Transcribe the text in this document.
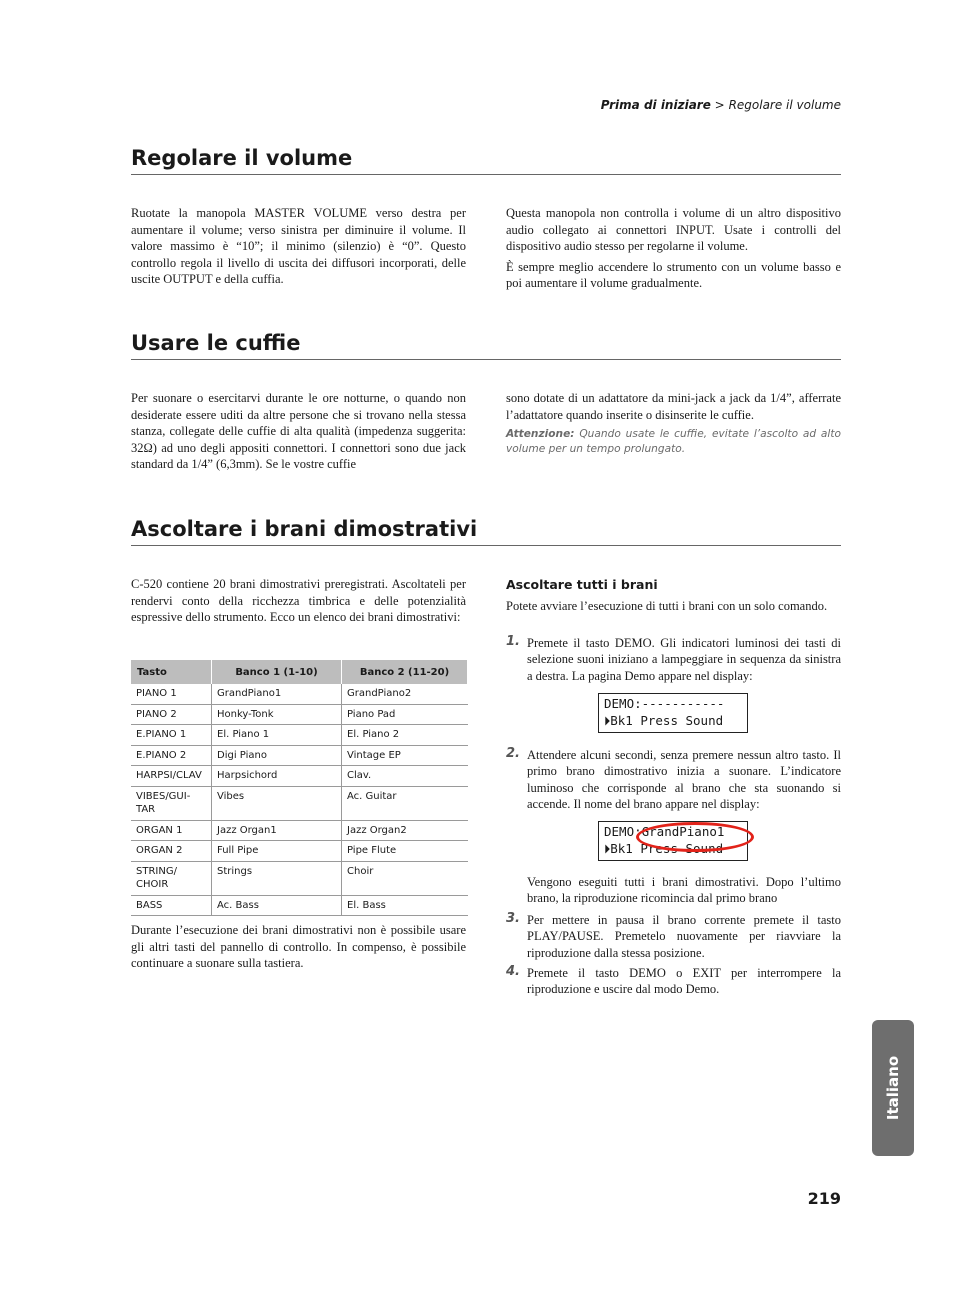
Prima di iniziare > Regolare il volume
Regolare il volume

Ruotate la manopola MASTER VOLUME verso destra per aumentare il volume; verso sinistra per diminuire il volume. Il valore massimo è “10”; il minimo (silenzio) è “0”. Questo controllo regola il livello di uscita dei diffusori incorporati, delle uscite OUTPUT e della cuffia.

Questa manopola non controlla i volume di un altro dispositivo audio collegato ai connettori INPUT. Usate i controlli del dispositivo audio stesso per regolarne il volume.

È sempre meglio accendere lo strumento con un volume basso e poi aumentare il volume gradualmente.

Usare le cuffie

Per suonare o esercitarvi durante le ore notturne, o quando non desiderate essere uditi da altre persone che si trovano nella stessa stanza, collegate delle cuffie di alta qualità (impedenza suggerita: 32Ω) ad uno degli appositi connettori. I connettori sono due jack standard da 1/4” (6,3mm). Se le vostre cuffie

sono dotate di un adattatore da mini-jack a jack da 1/4”, afferrate l’adattatore quando inserite o disinserite le cuffie.

Attenzione: Quando usate le cuffie, evitate l’ascolto ad alto volume per un tempo prolungato.
Ascoltare i brani dimostrativi

C-520 contiene 20 brani dimostrativi preregistrati. Ascoltateli per rendervi conto della ricchezza timbrica e delle potenzialità espressive dello strumento. Ecco un elenco dei brani dimostrativi:

Tasto	Banco 1 (1-10)	Banco 2 (11-20)
PIANO 1	GrandPiano1	GrandPiano2
PIANO 2	Honky-Tonk	Piano Pad
E.PIANO 1	El. Piano 1	El. Piano 2
E.PIANO 2	Digi Piano	Vintage EP
HARPSI/CLAV	Harpsichord	Clav.
VIBES/GUI-
TAR	Vibes	Ac. Guitar
ORGAN 1	Jazz Organ1	Jazz Organ2
ORGAN 2	Full Pipe	Pipe Flute
STRING/
CHOIR	Strings	Choir
BASS	Ac. Bass	El. Bass

Durante l’esecuzione dei brani dimostrativi non è possibile usare gli altri tasti del pannello di controllo. In compenso, è possibile continuare a suonare sulla tastiera.

Ascoltare tutti i brani

Potete avviare l’esecuzione di tutti i brani con un solo comando.

1. Premete il tasto DEMO. Gli indicatori luminosi dei tasti di selezione suoni iniziano a lampeggiare in sequenza da sinistra a destra. La pagina Demo appare nel display:
DEMO:-----------
⏵Bk1 Press Sound
2. Attendere alcuni secondi, senza premere nessun altro tasto. Il primo brano dimostrativo inizia a suonare. L’indicatore luminoso che corrisponde al brano che sta suonando si accende. Il nome del brano appare nel display:
DEMO:GrandPiano1
⏵Bk1 Press Sound
Vengono eseguiti tutti i brani dimostrativi. Dopo l’ultimo brano, la riproduzione ricomincia dal primo brano
3. Per mettere in pausa il brano corrente premete il tasto PLAY/PAUSE. Premetelo nuovamente per riavviare la riproduzione dalla stessa posizione.
4. Premete il tasto DEMO o EXIT per interrompere la riproduzione e uscire dal modo Demo.
Italiano
219
